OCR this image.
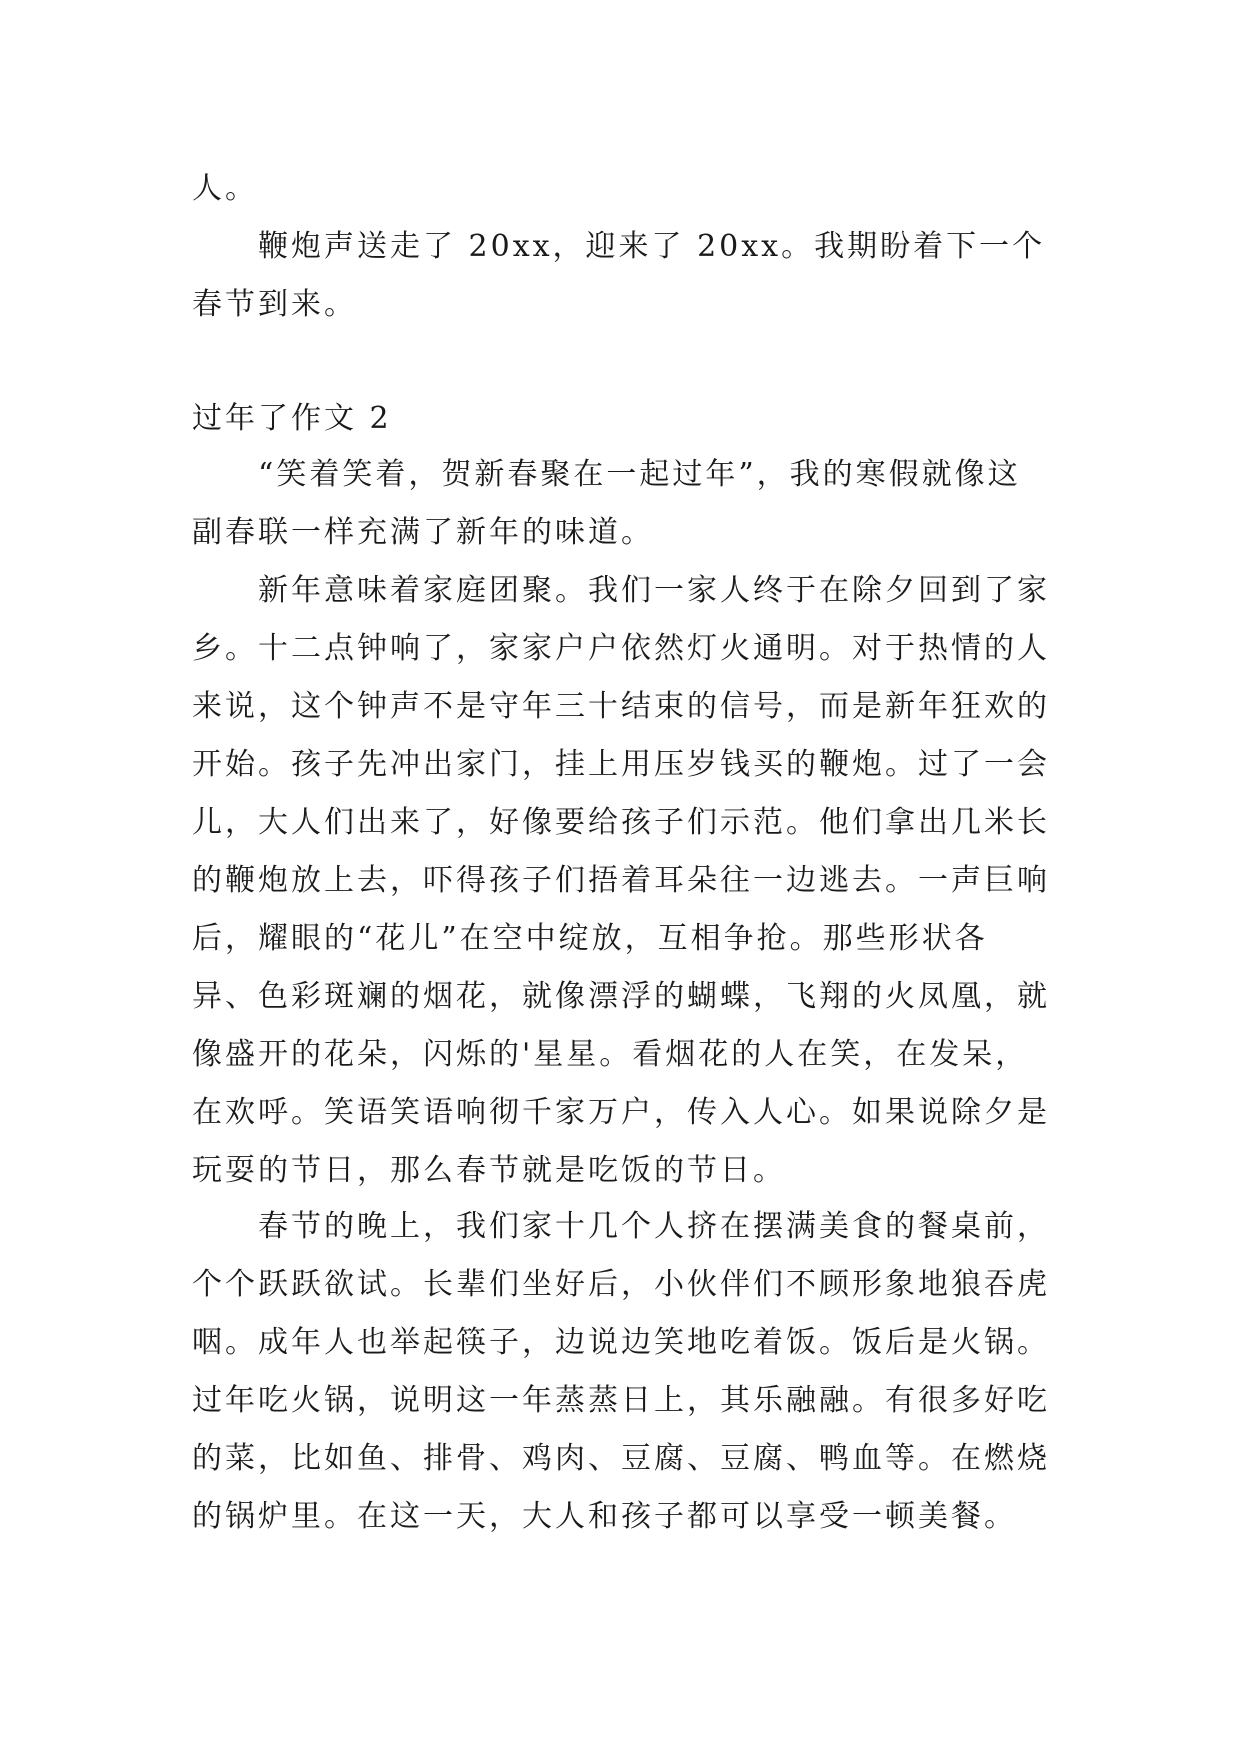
人。

鞭炮声送走了 20xx，迎来了 20xx。我期盼着下一个春节到来。

过年了作文 2

“笑着笑着，贺新春聚在一起过年”，我的寒假就像这副春联一样充满了新年的味道。

新年意味着家庭团聚。我们一家人终于在除夕回到了家乡。十二点钟响了，家家户户依然灯火通明。对于热情的人来说，这个钟声不是守年三十结束的信号，而是新年狂欢的开始。孩子先冲出家门，挂上用压岁钱买的鞭炮。过了一会儿，大人们出来了，好像要给孩子们示范。他们拿出几米长的鞭炮放上去，吓得孩子们捂着耳朵往一边逃去。一声巨响后，耀眼的“花儿”在空中绽放，互相争抢。那些形状各异、色彩斑斓的烟花，就像漂浮的蝴蝶，飞翔的火凤凰，就像盛开的花朵，闪烁的'星星。看烟花的人在笑，在发呆，在欢呼。笑语笑语响彻千家万户，传入人心。如果说除夕是玩耍的节日，那么春节就是吃饭的节日。

春节的晚上，我们家十几个人挤在摆满美食的餐桌前，个个跃跃欲试。长辈们坐好后，小伙伴们不顾形象地狼吞虎咽。成年人也举起筷子，边说边笑地吃着饭。饭后是火锅。过年吃火锅，说明这一年蒸蒸日上，其乐融融。有很多好吃的菜，比如鱼、排骨、鸡肉、豆腐、豆腐、鸭血等。在燃烧的锅炉里。在这一天，大人和孩子都可以享受一顿美餐。
